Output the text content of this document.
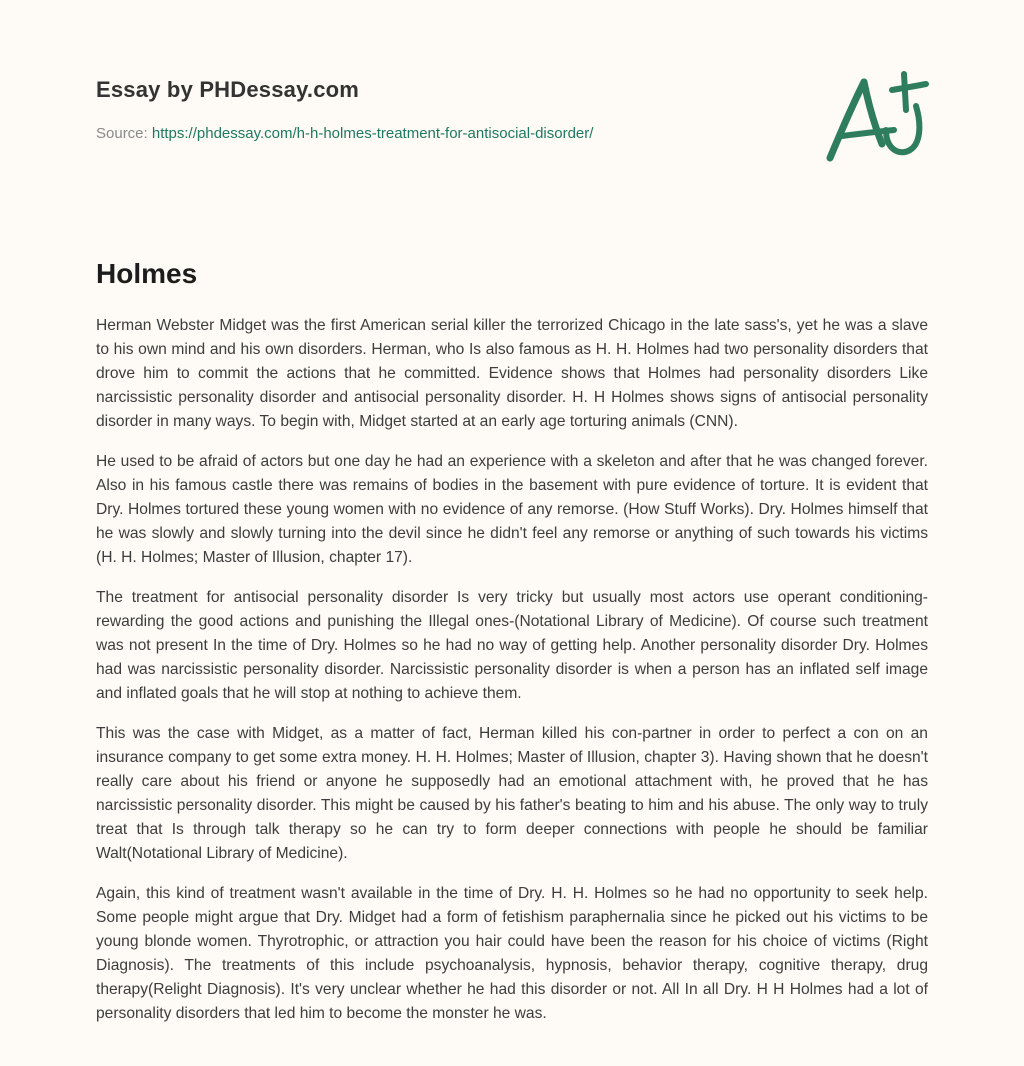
Essay by PHDessay.com
Source: https://phdessay.com/h-h-holmes-treatment-for-antisocial-disorder/
Holmes

Herman Webster Midget was the first American serial killer the terrorized Chicago in the late sass's, yet he was a slave to his own mind and his own disorders. Herman, who Is also famous as H. H. Holmes had two personality disorders that drove him to commit the actions that he committed. Evidence shows that Holmes had personality disorders Like narcissistic personality disorder and antisocial personality disorder. H. H Holmes shows signs of antisocial personality disorder in many ways. To begin with, Midget started at an early age torturing animals (CNN).

He used to be afraid of actors but one day he had an experience with a skeleton and after that he was changed forever. Also in his famous castle there was remains of bodies in the basement with pure evidence of torture. It is evident that Dry. Holmes tortured these young women with no evidence of any remorse. (How Stuff Works). Dry. Holmes himself that he was slowly and slowly turning into the devil since he didn't feel any remorse or anything of such towards his victims (H. H. Holmes; Master of Illusion, chapter 17).

The treatment for antisocial personality disorder Is very tricky but usually most actors use operant conditioning-rewarding the good actions and punishing the Illegal ones-(Notational Library of Medicine). Of course such treatment was not present In the time of Dry. Holmes so he had no way of getting help. Another personality disorder Dry. Holmes had was narcissistic personality disorder. Narcissistic personality disorder is when a person has an inflated self image and inflated goals that he will stop at nothing to achieve them.

This was the case with Midget, as a matter of fact, Herman killed his con-partner in order to perfect a con on an insurance company to get some extra money. H. H. Holmes; Master of Illusion, chapter 3). Having shown that he doesn't really care about his friend or anyone he supposedly had an emotional attachment with, he proved that he has narcissistic personality disorder. This might be caused by his father's beating to him and his abuse. The only way to truly treat that Is through talk therapy so he can try to form deeper connections with people he should be familiar Walt(Notational Library of Medicine).

Again, this kind of treatment wasn't available in the time of Dry. H. H. Holmes so he had no opportunity to seek help. Some people might argue that Dry. Midget had a form of fetishism paraphernalia since he picked out his victims to be young blonde women. Thyrotrophic, or attraction you hair could have been the reason for his choice of victims (Right Diagnosis). The treatments of this include psychoanalysis, hypnosis, behavior therapy, cognitive therapy, drug therapy(Relight Diagnosis). It's very unclear whether he had this disorder or not. All In all Dry. H H Holmes had a lot of personality disorders that led him to become the monster he was.
